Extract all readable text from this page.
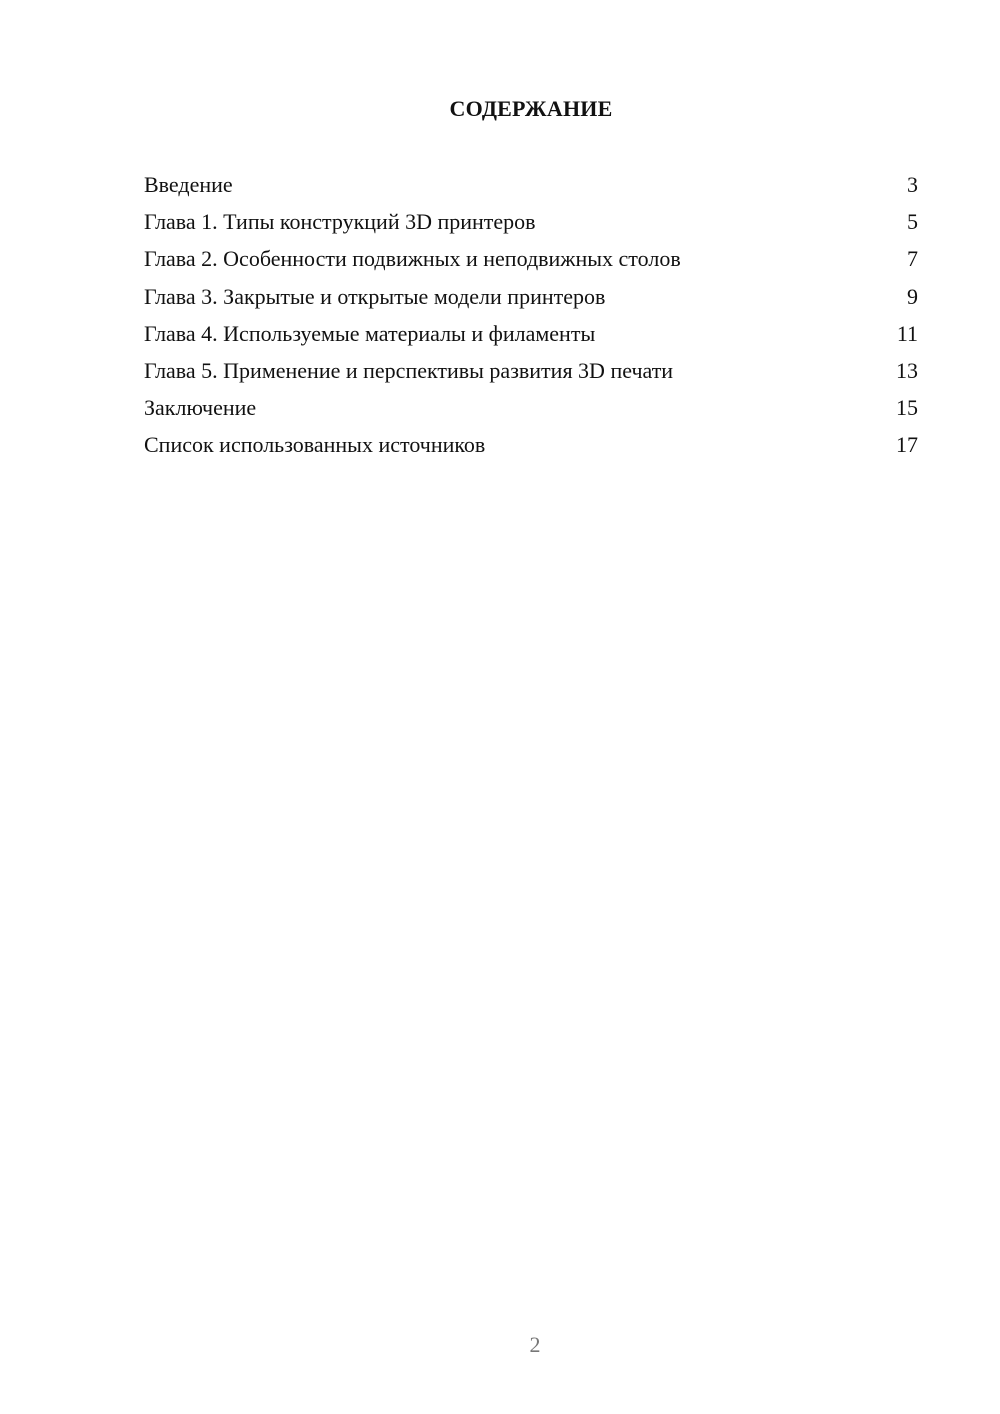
СОДЕРЖАНИЕ
Введение	3
Глава 1. Типы конструкций 3D принтеров	5
Глава 2. Особенности подвижных и неподвижных столов	7
Глава 3. Закрытые и открытые модели принтеров	9
Глава 4. Используемые материалы и филаменты	11
Глава 5. Применение и перспективы развития 3D печати	13
Заключение	15
Список использованных источников	17
2
